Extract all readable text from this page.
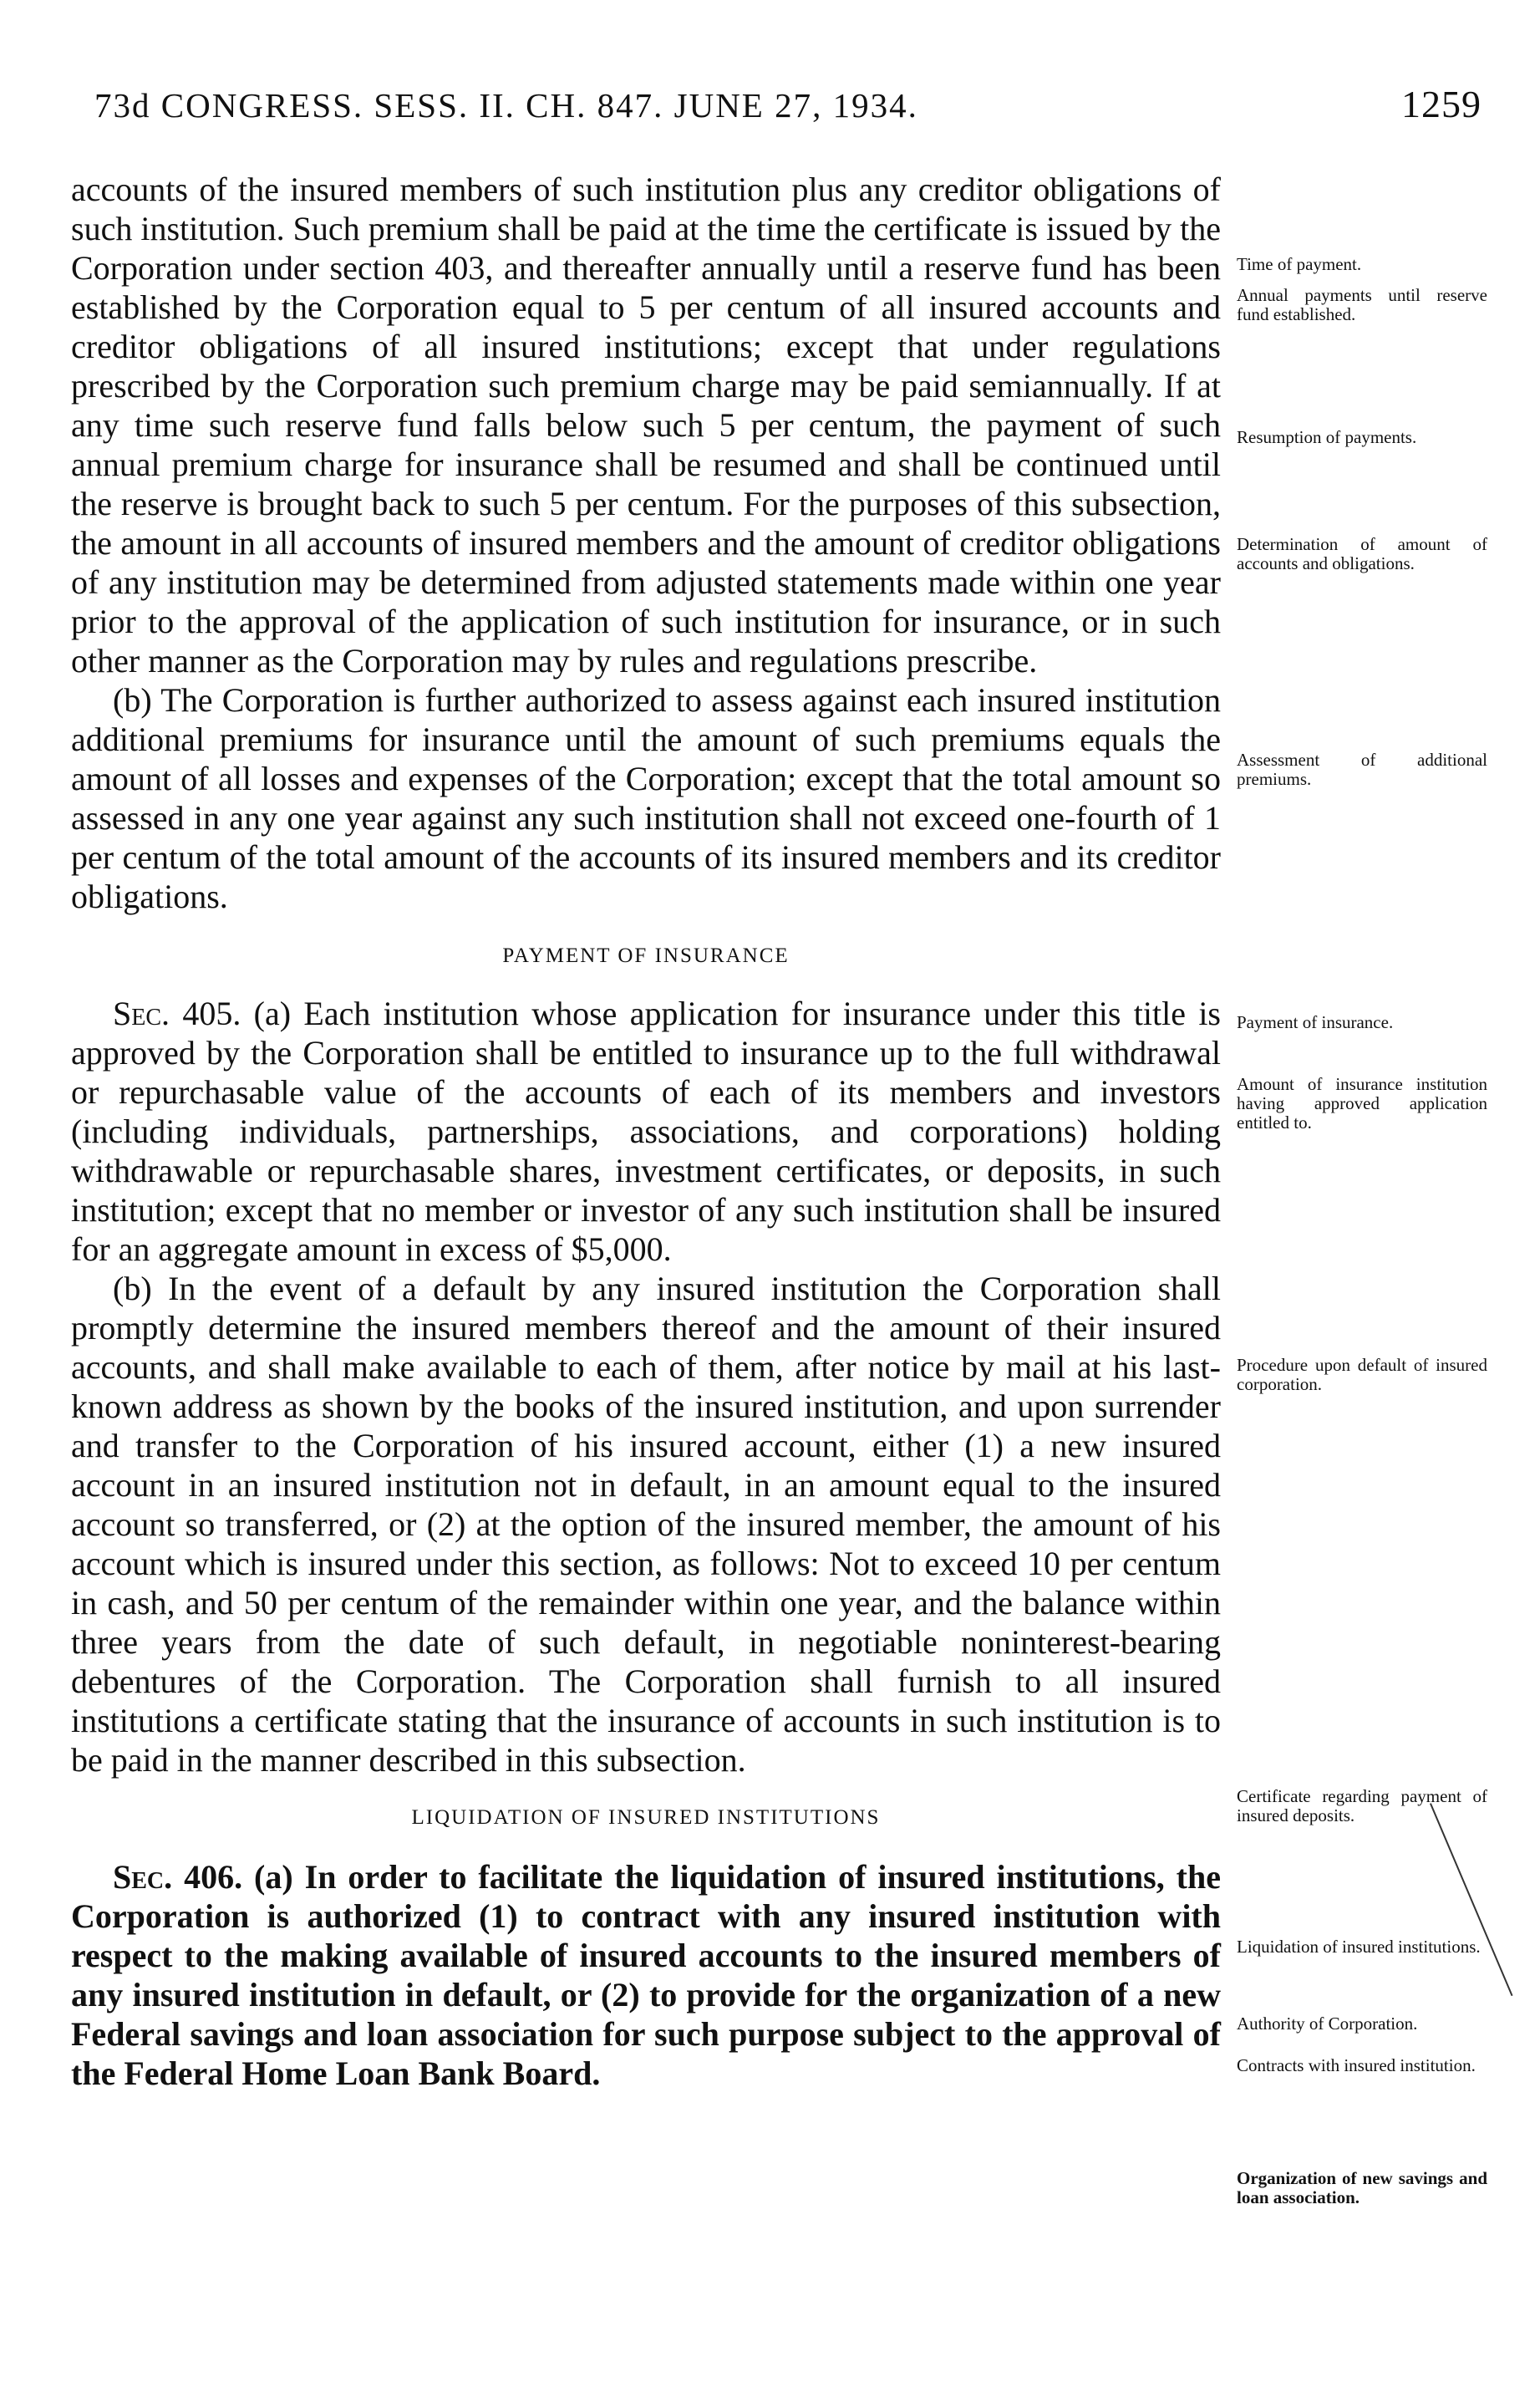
73d CONGRESS. SESS. II. CH. 847. JUNE 27, 1934.	1259

accounts of the insured members of such institution plus any creditor obligations of such institution. Such premium shall be paid at the time the certificate is issued by the Corporation under section 403, and thereafter annually until a reserve fund has been established by the Corporation equal to 5 per centum of all insured accounts and creditor obligations of all insured institutions; except that under regulations prescribed by the Corporation such premium charge may be paid semiannually. If at any time such reserve fund falls below such 5 per centum, the payment of such annual premium charge for insurance shall be resumed and shall be continued until the reserve is brought back to such 5 per centum. For the purposes of this subsection, the amount in all accounts of insured members and the amount of creditor obligations of any institution may be determined from adjusted statements made within one year prior to the approval of the application of such institution for insurance, or in such other manner as the Corporation may by rules and regulations prescribe.

(b) The Corporation is further authorized to assess against each insured institution additional premiums for insurance until the amount of such premiums equals the amount of all losses and expenses of the Corporation; except that the total amount so assessed in any one year against any such institution shall not exceed one-fourth of 1 per centum of the total amount of the accounts of its insured members and its creditor obligations.

PAYMENT OF INSURANCE

Sec. 405. (a) Each institution whose application for insurance under this title is approved by the Corporation shall be entitled to insurance up to the full withdrawal or repurchasable value of the accounts of each of its members and investors (including individuals, partnerships, associations, and corporations) holding withdrawable or repurchasable shares, investment certificates, or deposits, in such institution; except that no member or investor of any such institution shall be insured for an aggregate amount in excess of $5,000.

(b) In the event of a default by any insured institution the Corporation shall promptly determine the insured members thereof and the amount of their insured accounts, and shall make available to each of them, after notice by mail at his last-known address as shown by the books of the insured institution, and upon surrender and transfer to the Corporation of his insured account, either (1) a new insured account in an insured institution not in default, in an amount equal to the insured account so transferred, or (2) at the option of the insured member, the amount of his account which is insured under this section, as follows: Not to exceed 10 per centum in cash, and 50 per centum of the remainder within one year, and the balance within three years from the date of such default, in negotiable noninterest-bearing debentures of the Corporation. The Corporation shall furnish to all insured institutions a certificate stating that the insurance of accounts in such institution is to be paid in the manner described in this subsection.

LIQUIDATION OF INSURED INSTITUTIONS

Sec. 406. (a) In order to facilitate the liquidation of insured institutions, the Corporation is authorized (1) to contract with any insured institution with respect to the making available of insured accounts to the insured members of any insured institution in default, or (2) to provide for the organization of a new Federal savings and loan association for such purpose subject to the approval of the Federal Home Loan Bank Board.

Time of payment.
Annual payments until reserve fund established.
Resumption of payments.
Determination of amount of accounts and obligations.
Assessment of additional premiums.
Payment of insurance.
Amount of insurance institution having approved application entitled to.
Procedure upon default of insured corporation.
Certificate regarding payment of insured deposits.
Liquidation of insured institutions.
Authority of Corporation.
Contracts with insured institution.
Organization of new savings and loan association.
